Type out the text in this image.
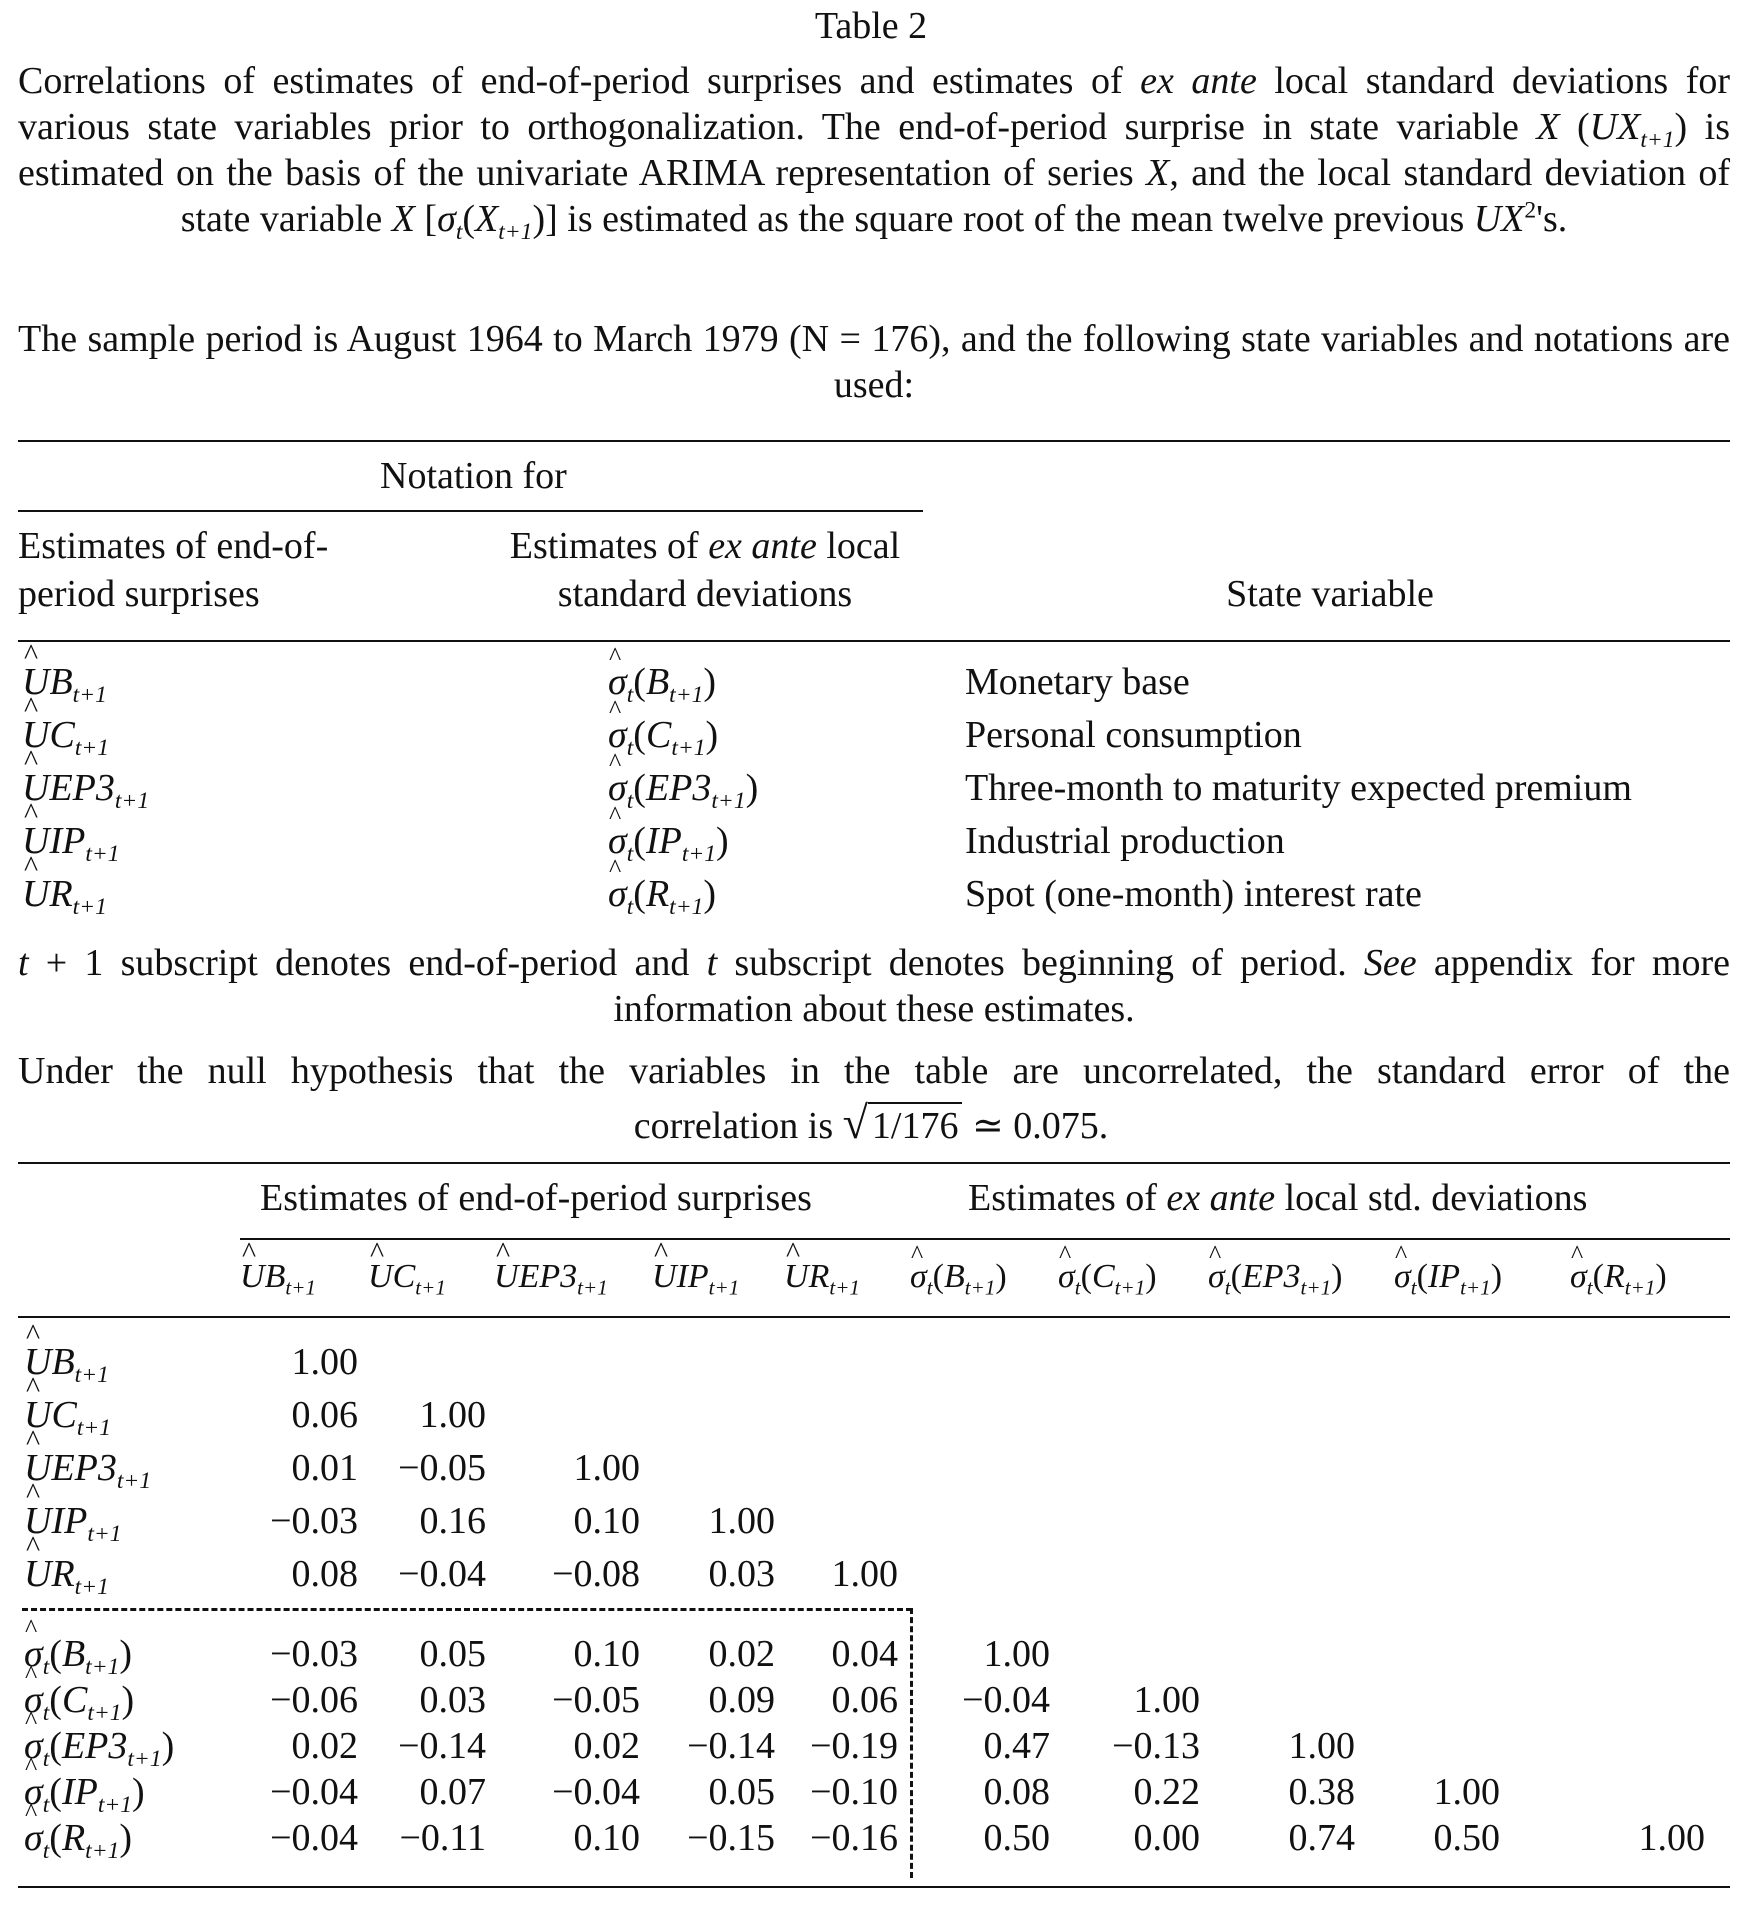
Table 2
Correlations of estimates of end-of-period surprises and estimates of ex ante local standard deviations for various state variables prior to orthogonalization. The end-of-period surprise in state variable X $(UX_{t+1})$ is estimated on the basis of the univariate ARIMA representation of series X, and the local standard deviation of state variable X $[\sigma_t(X_{t+1})]$ is estimated as the square root of the mean twelve previous $UX^2's$.
The sample period is August 1964 to March 1979 (N = 176), and the following state variables and notations are used:
Notation for
Estimates of end-of-period surprises
Estimates of ex ante local standard deviations	State variable
^ $UB_{t+1}$	^ $\sigma_t(B_{t+1})$	Monetary base
^ $UC_{t+1}$	^ $\sigma_t(C_{t+1})$	Personal consumption
^ $UEP3_{t+1}$	^ $\sigma_t(EP3_{t+1})$	Three-month to maturity expected premium
^ $UIP_{t+1}$	^ $\sigma_t(IP_{t+1})$	Industrial production
^ $UR_{t+1}$	^ $\sigma_t(R_{t+1})$	Spot (one-month) interest rate
t + 1 subscript denotes end-of-period and t subscript denotes beginning of period. See appendix for more information about these estimates.
Under the null hypothesis that the variables in the table are uncorrelated, the standard error of the
correlation is √ 1/176 ≃ 0.075.
Estimates of end-of-period surprises	Estimates of ex ante local std. deviations
^ $UB_{t+1}$ ^ $UC_{t+1}$ ^ $UEP3_{t+1}$ ^ $UIP_{t+1}$ ^ $UR_{t+1}$ ^ $\sigma_t(B_{t+1})$ ^ $\sigma_t(C_{t+1})$ ^ $\sigma_t(EP3_{t+1})$ ^ $\sigma_t(IP_{t+1})$ ^ $\sigma_t(R_{t+1})$
^ $UB_{t+1}$	1.00
^ $UC_{t+1}$	0.06	1.00
^ $UEP3_{t+1}$	0.01	−0.05	1.00
^ $UIP_{t+1}$	−0.03	0.16	0.10	1.00
^ $UR_{t+1}$	0.08	−0.04	−0.08	0.03	1.00
^ $\sigma_t(B_{t+1})$	−0.03	0.05	0.10	0.02	0.04	1.00
^ $\sigma_t(C_{t+1})$	−0.06	0.03	−0.05	0.09	0.06	−0.04	1.00
^ $\sigma_t(EP3_{t+1})$	0.02	−0.14	0.02	−0.14 −0.19	0.47	−0.13	1.00
^ $\sigma_t(IP_{t+1})$	−0.04	0.07	−0.04	0.05 −0.10	0.08	0.22	0.38	1.00
^ $\sigma_t(R_{t+1})$	−0.04	−0.11	0.10	−0.15 −0.16	0.50	0.00	0.74	0.50	1.00
